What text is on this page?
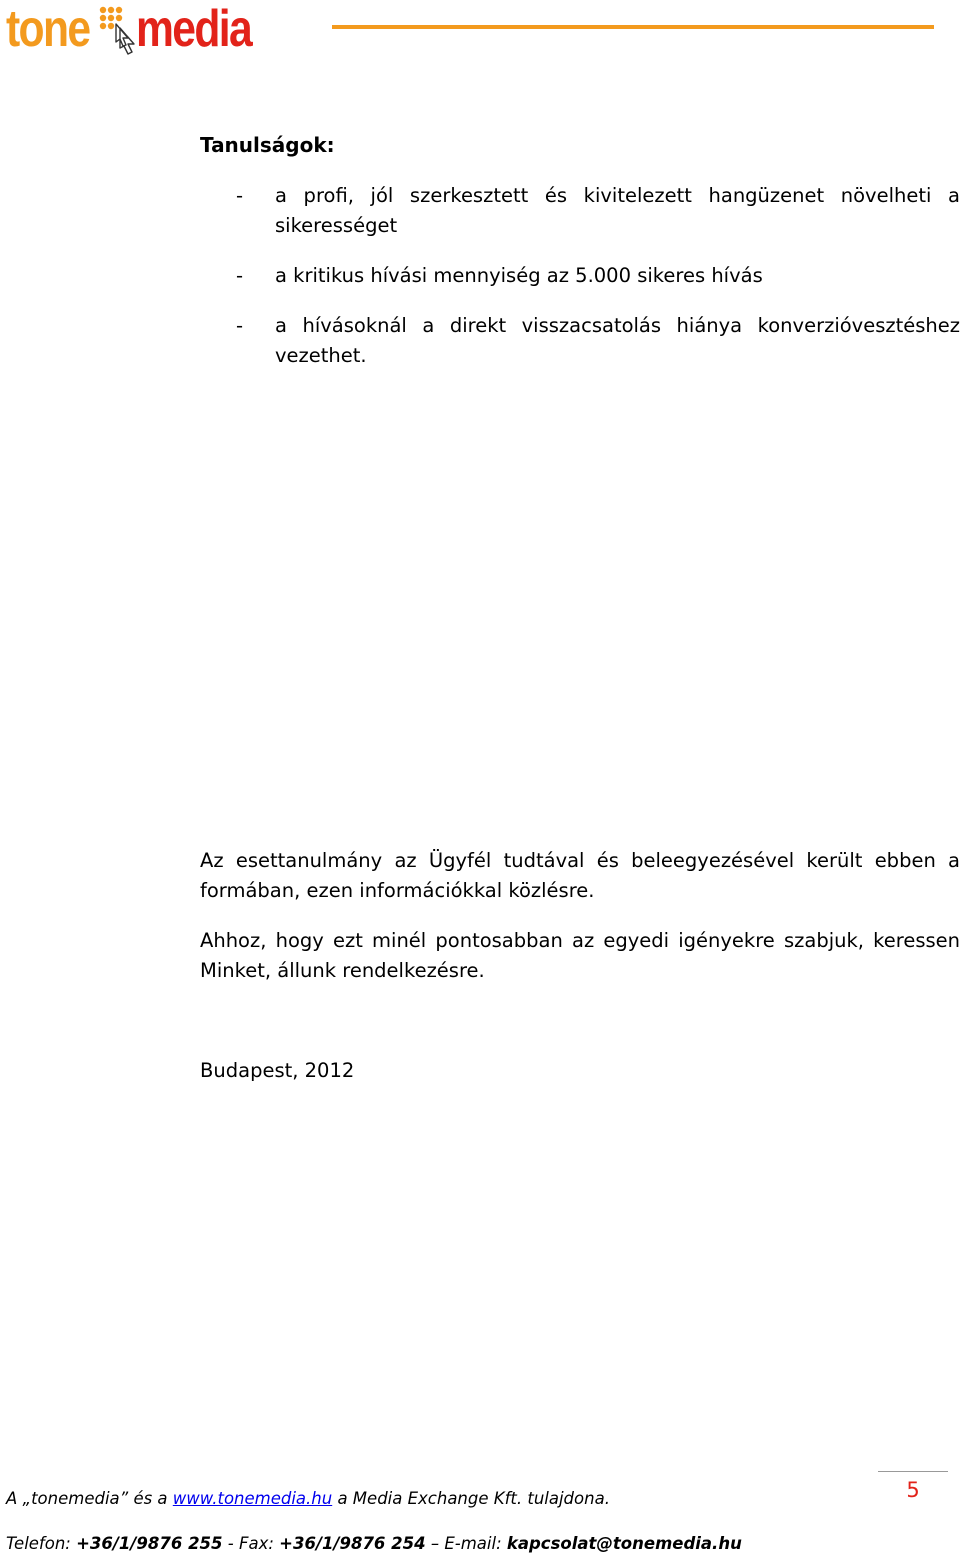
tone media
Tanulságok:
- a profi, jól szerkesztett és kivitelezett hangüzenet növelheti a sikerességet
- a kritikus hívási mennyiség az 5.000 sikeres hívás
- a hívásoknál a direkt visszacsatolás hiánya konverzióvesztéshez vezethet.
Az esettanulmány az Ügyfél tudtával és beleegyezésével került ebben a formában, ezen információkkal közlésre.
Ahhoz, hogy ezt minél pontosabban az egyedi igényekre szabjuk, keressen Minket, állunk rendelkezésre.
Budapest, 2012
5
A „tonemedia” és a www.tonemedia.hu a Media Exchange Kft. tulajdona.
Telefon: +36/1/9876 255 - Fax: +36/1/9876 254 – E-mail: kapcsolat@tonemedia.hu
